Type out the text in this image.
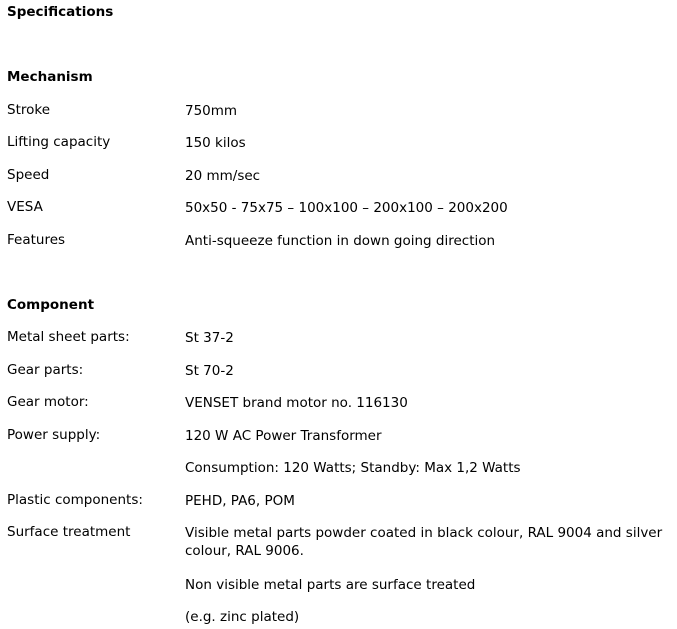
Specifications
Mechanism
Stroke	750mm
Lifting capacity	150 kilos
Speed	20 mm/sec
VESA	50x50 - 75x75 – 100x100 – 200x100 – 200x200
Features	Anti-squeeze function in down going direction
Component
Metal sheet parts:	St 37-2
Gear parts:	St 70-2
Gear motor:	VENSET brand motor no. 116130
Power supply:	120 W AC Power Transformer
Consumption: 120 Watts; Standby: Max 1,2 Watts
Plastic components:	PEHD, PA6, POM
Surface treatment	Visible metal parts powder coated in black colour, RAL 9004 and silver colour, RAL 9006.
Non visible metal parts are surface treated
(e.g. zinc plated)
